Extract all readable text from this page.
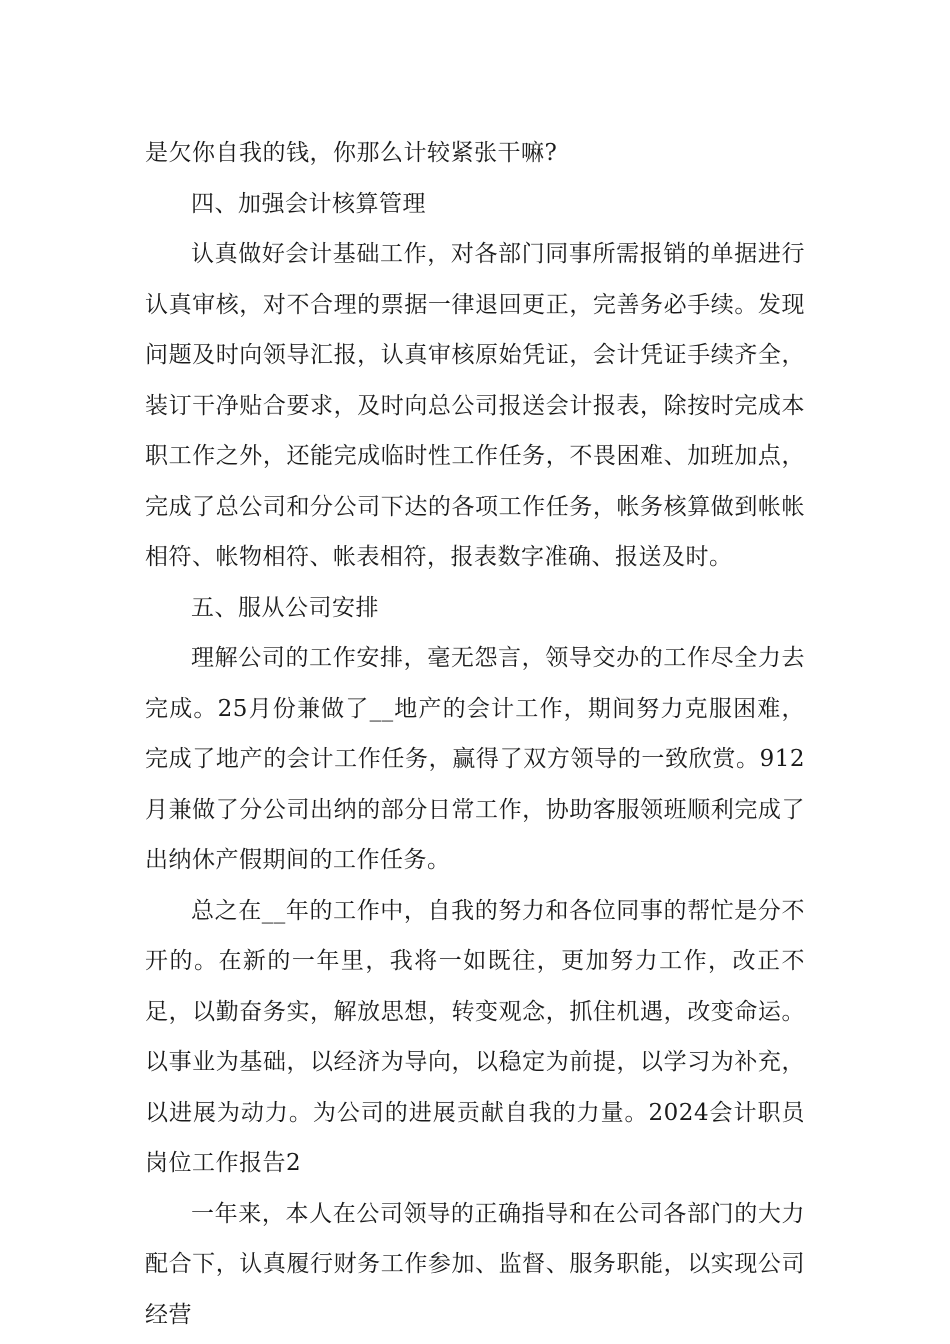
是欠你自我的钱，你那么计较紧张干嘛?

四、加强会计核算管理

认真做好会计基础工作，对各部门同事所需报销的单据进行认真审核，对不合理的票据一律退回更正，完善务必手续。发现问题及时向领导汇报，认真审核原始凭证，会计凭证手续齐全，装订干净贴合要求，及时向总公司报送会计报表，除按时完成本职工作之外，还能完成临时性工作任务，不畏困难、加班加点，完成了总公司和分公司下达的各项工作任务，帐务核算做到帐帐相符、帐物相符、帐表相符，报表数字准确、报送及时。

五、服从公司安排

理解公司的工作安排，毫无怨言，领导交办的工作尽全力去完成。25月份兼做了__地产的会计工作，期间努力克服困难，完成了地产的会计工作任务，赢得了双方领导的一致欣赏。912月兼做了分公司出纳的部分日常工作，协助客服领班顺利完成了出纳休产假期间的工作任务。

总之在__年的工作中，自我的努力和各位同事的帮忙是分不开的。在新的一年里，我将一如既往，更加努力工作，改正不足，以勤奋务实，解放思想，转变观念，抓住机遇，改变命运。以事业为基础，以经济为导向，以稳定为前提，以学习为补充，以进展为动力。为公司的进展贡献自我的力量。2024会计职员岗位工作报告2

一年来，本人在公司领导的正确指导和在公司各部门的大力配合下，认真履行财务工作参加、监督、服务职能，以实现公司经营
